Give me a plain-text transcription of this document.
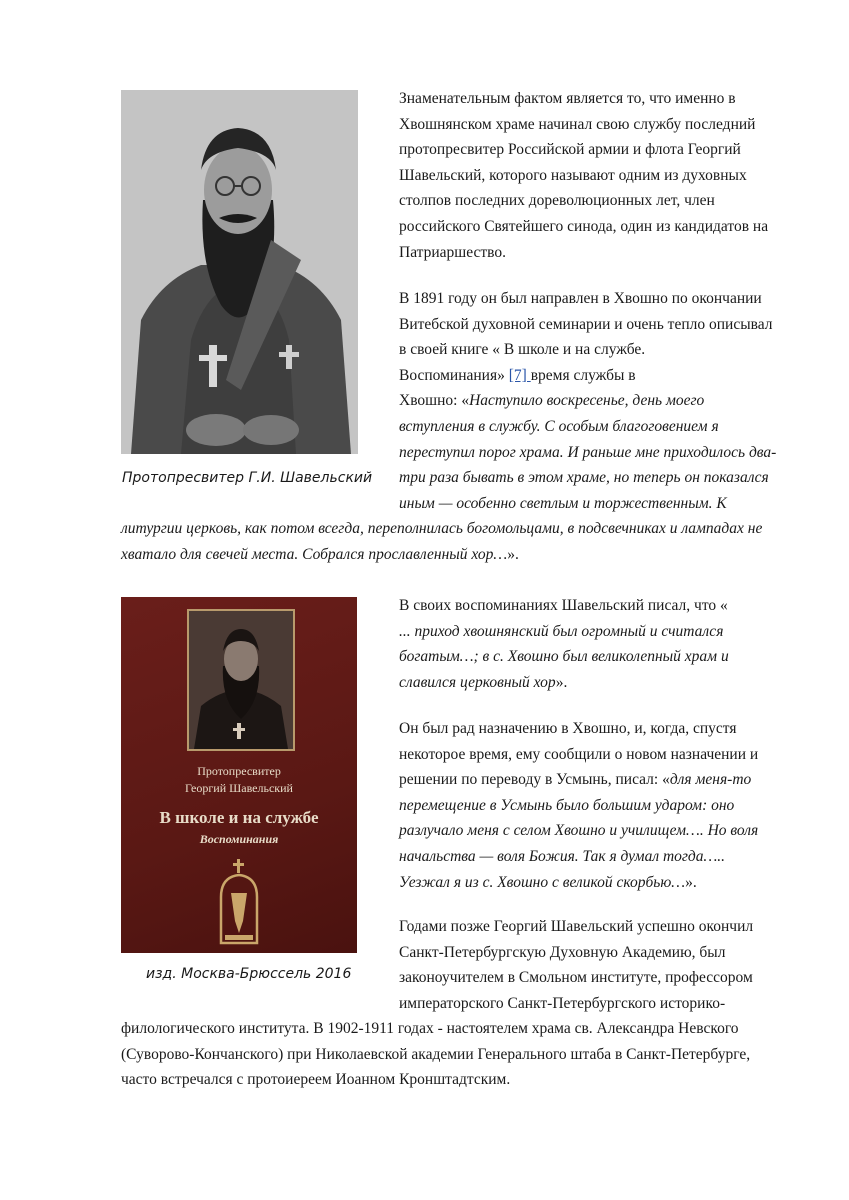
Протопресвитер Г.И. Шавельский
Знаменательным фактом является то, что именно в
Хвошнянском храме начинал свою службу последний
протопресвитер Российской армии и флота Георгий
Шавельский, которого называют одним из духовных
столпов последних дореволюционных лет, член
российского Святейшего синода, один из кандидатов на
Патриаршество.
В 1891 году он был направлен в Хвошно по окончании
Витебской духовной семинарии и очень тепло описывал
в своей книге « В школе и на службе.
Воспоминания» [7] время службы в
Хвошно: «Наступило воскресенье, день моего
вступления в службу. С особым благоговением я
переступил порог храма. И раньше мне приходилось два-
три раза бывать в этом храме, но теперь он показался
иным — особенно светлым и торжественным. К
литургии церковь, как потом всегда, переполнилась богомольцами, в подсвечниках и лампадах не
хватало для свечей места. Собрался прославленный хор…».
Протопресвитер
Георгий Шавельский
В школе и на службе
Воспоминания
изд. Москва-Брюссель 2016
В своих воспоминаниях Шавельский писал, что «
... приход хвошнянский был огромный и считался
богатым…; в с. Хвошно был великолепный храм и
славился церковный хор».
Он был рад назначению в Хвошно, и, когда, спустя
некоторое время, ему сообщили о новом назначении и
решении по переводу в Усмынь, писал: «для меня-то
перемещение в Усмынь было большим ударом: оно
разлучало меня с селом Хвошно и училищем…. Но воля
начальства — воля Божия. Так я думал тогда…..
Уезжал я из с. Хвошно с великой скорбью…».
Годами позже Георгий Шавельский успешно окончил
Санкт-Петербургскую Духовную Академию, был
законоучителем в Смольном институте, профессором
императорского Санкт-Петербургского историко-
филологического института. В 1902-1911 годах - настоятелем храма св. Александра Невского
(Суворово-Кончанского) при Николаевской академии Генерального штаба в Санкт-Петербурге,
часто встречался с протоиереем Иоанном Кронштадтским.
